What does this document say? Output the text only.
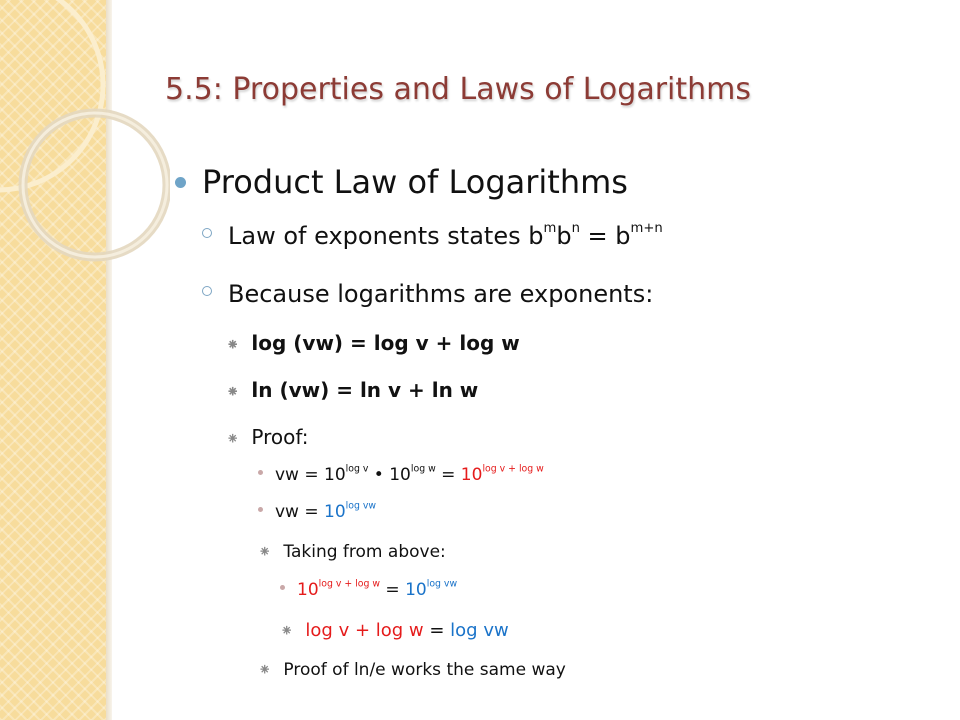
5.5: Properties and Laws of Logarithms
Product Law of Logarithms
Law of exponents states $b^mb^n = b^{m+n}$
Because logarithms are exponents:
⁕ log (vw) = log v + log w
⁕ ln (vw) = ln v + ln w
⁕ Proof:
vw = $10^{log v}$ • $10^{log w} = 10^{log v + log w}$
vw = $10^{log vw}$
⁕ Taking from above:
$10^{log v + log w} = 10^{log vw}$
⁕ log v + log w = log vw
⁕ Proof of ln/e works the same way
